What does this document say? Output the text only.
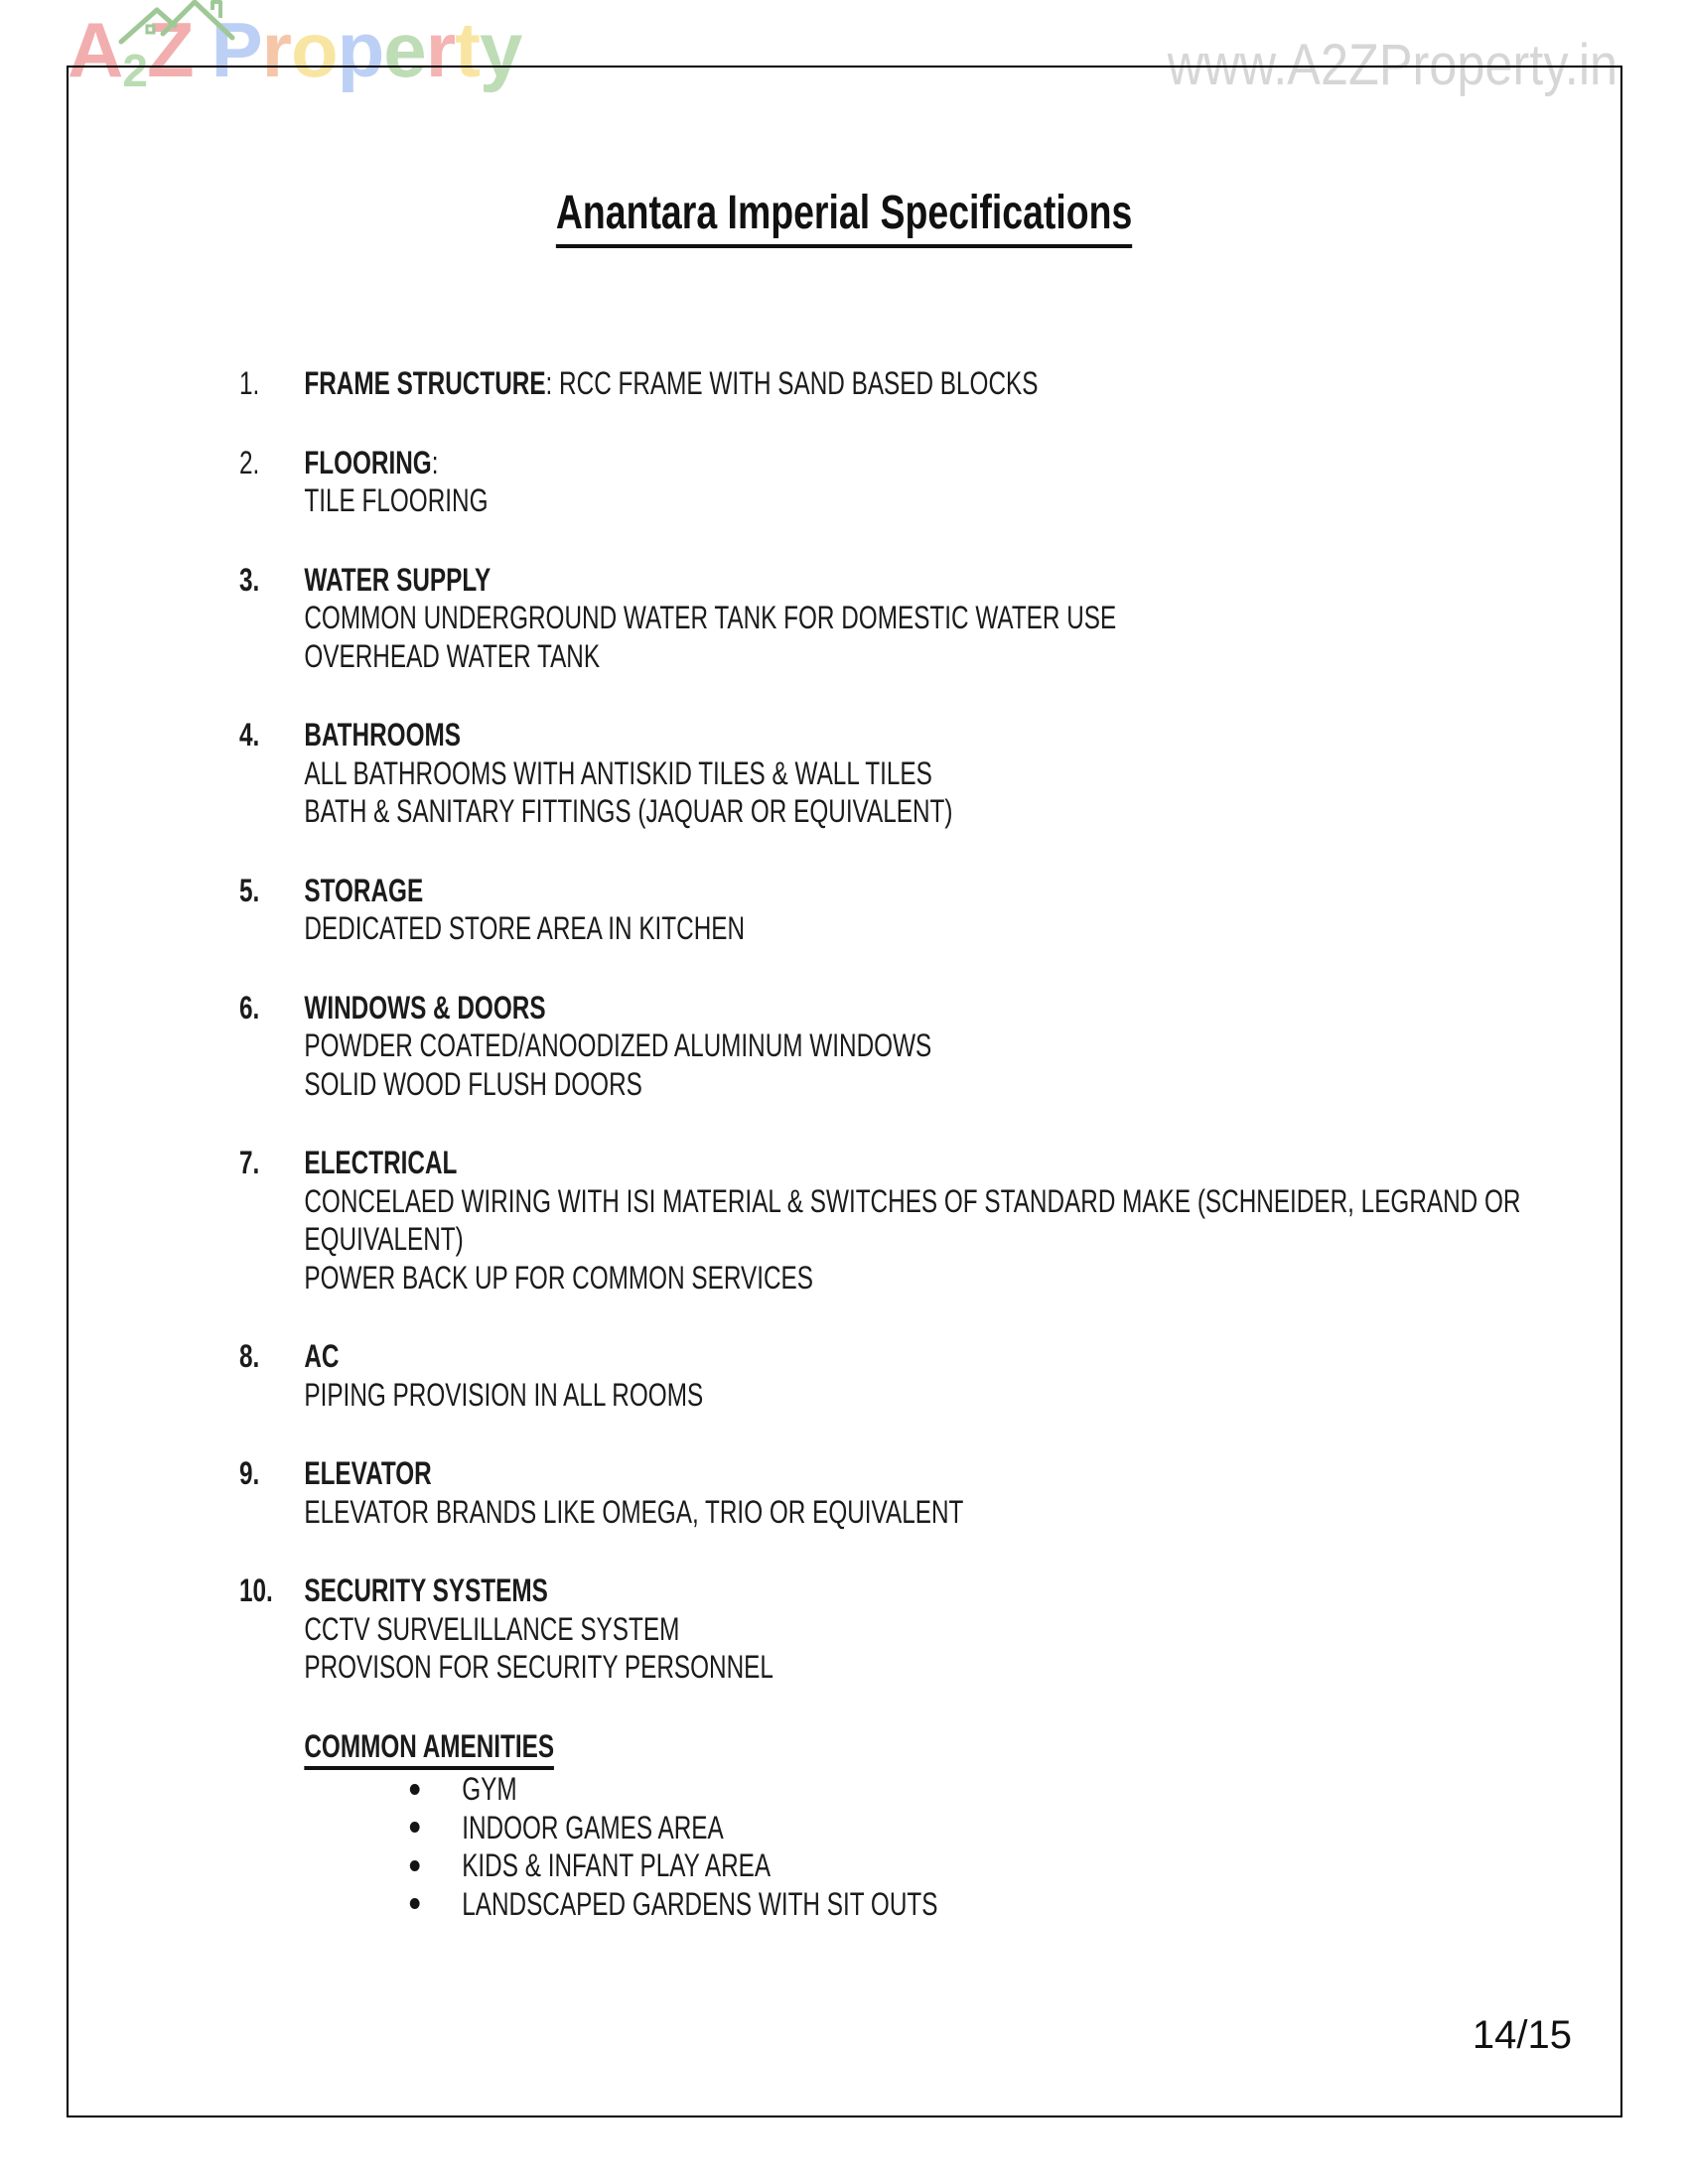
A2Z Property	www.A2ZProperty.in
Anantara Imperial Specifications
1.	FRAME STRUCTURE: RCC FRAME WITH SAND BASED BLOCKS
2.	FLOORING:
TILE FLOORING
3.	WATER SUPPLY
COMMON UNDERGROUND WATER TANK FOR DOMESTIC WATER USE
OVERHEAD WATER TANK
4.	BATHROOMS
ALL BATHROOMS WITH ANTISKID TILES & WALL TILES
BATH & SANITARY FITTINGS (JAQUAR OR EQUIVALENT)
5.	STORAGE
DEDICATED STORE AREA IN KITCHEN
6.	WINDOWS & DOORS
POWDER COATED/ANOODIZED ALUMINUM WINDOWS
SOLID WOOD FLUSH DOORS
7.	ELECTRICAL
CONCELAED WIRING WITH ISI MATERIAL & SWITCHES OF STANDARD MAKE (SCHNEIDER, LEGRAND OR
EQUIVALENT)
POWER BACK UP FOR COMMON SERVICES
8.	AC
PIPING PROVISION IN ALL ROOMS
9.	ELEVATOR
ELEVATOR BRANDS LIKE OMEGA, TRIO OR EQUIVALENT
10. SECURITY SYSTEMS
CCTV SURVELILLANCE SYSTEM
PROVISON FOR SECURITY PERSONNEL
COMMON AMENITIES
GYM
INDOOR GAMES AREA
KIDS & INFANT PLAY AREA
LANDSCAPED GARDENS WITH SIT OUTS
14/15
